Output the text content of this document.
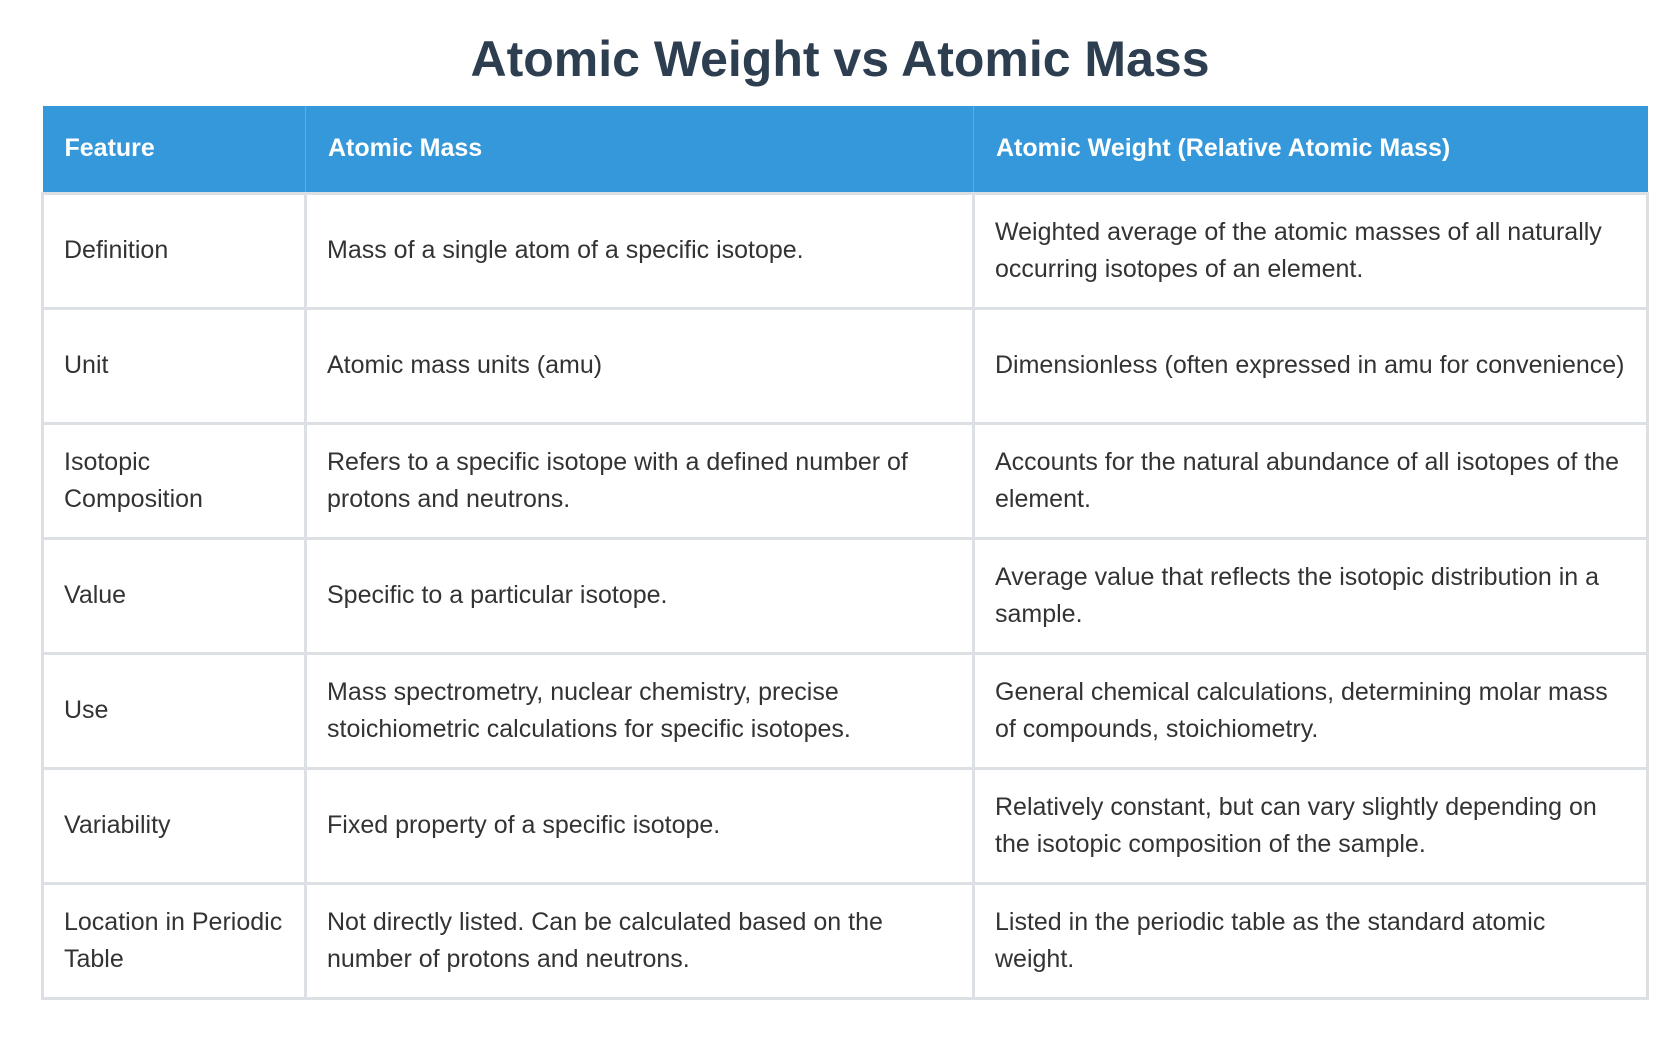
Atomic Weight vs Atomic Mass
Feature	Atomic Mass	Atomic Weight (Relative Atomic Mass)
Definition	Mass of a single atom of a specific isotope.	Weighted average of the atomic masses of all naturally occurring isotopes of an element.
Unit	Atomic mass units (amu)	Dimensionless (often expressed in amu for convenience)
Isotopic Composition	Refers to a specific isotope with a defined number of protons and neutrons.	Accounts for the natural abundance of all isotopes of the element.
Value	Specific to a particular isotope.	Average value that reflects the isotopic distribution in a sample.
Use	Mass spectrometry, nuclear chemistry, precise stoichiometric calculations for specific isotopes.	General chemical calculations, determining molar mass of compounds, stoichiometry.
Variability	Fixed property of a specific isotope.	Relatively constant, but can vary slightly depending on the isotopic composition of the sample.
Location in Periodic Table	Not directly listed. Can be calculated based on the number of protons and neutrons.	Listed in the periodic table as the standard atomic weight.
